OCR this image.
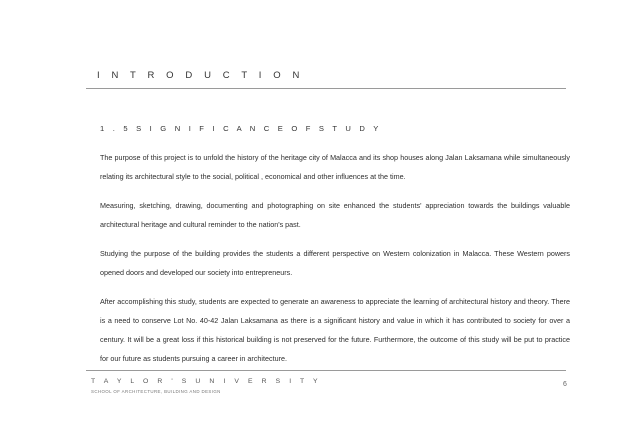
I N T R O D U C T I O N
1 . 5 S I G N I F I C A N C E O F S T U D Y

The purpose of this project is to unfold the history of the heritage city of Malacca and its shop houses along Jalan Laksamana while simultaneously relating its architectural style to the social, political , economical and other influences at the time.

Measuring, sketching, drawing, documenting and photographing on site enhanced the students' appreciation towards the buildings valuable architectural heritage and cultural reminder to the nation's past.

Studying the purpose of the building provides the students a different perspective on Western colonization in Malacca. These Western powers opened doors and developed our society into entrepreneurs.

After accomplishing this study, students are expected to generate an awareness to appreciate the learning of architectural history and theory. There is a need to conserve Lot No. 40-42 Jalan Laksamana as there is a significant history and value in which it has contributed to society for over a century. It will be a great loss if this historical building is not preserved for the future. Furthermore, the outcome of this study will be put to practice for our future as students pursuing a career in architecture.

T A Y L O R ' S U N I V E R S I T Y
SCHOOL OF ARCHITECTURE, BUILDING AND DESIGN
6
